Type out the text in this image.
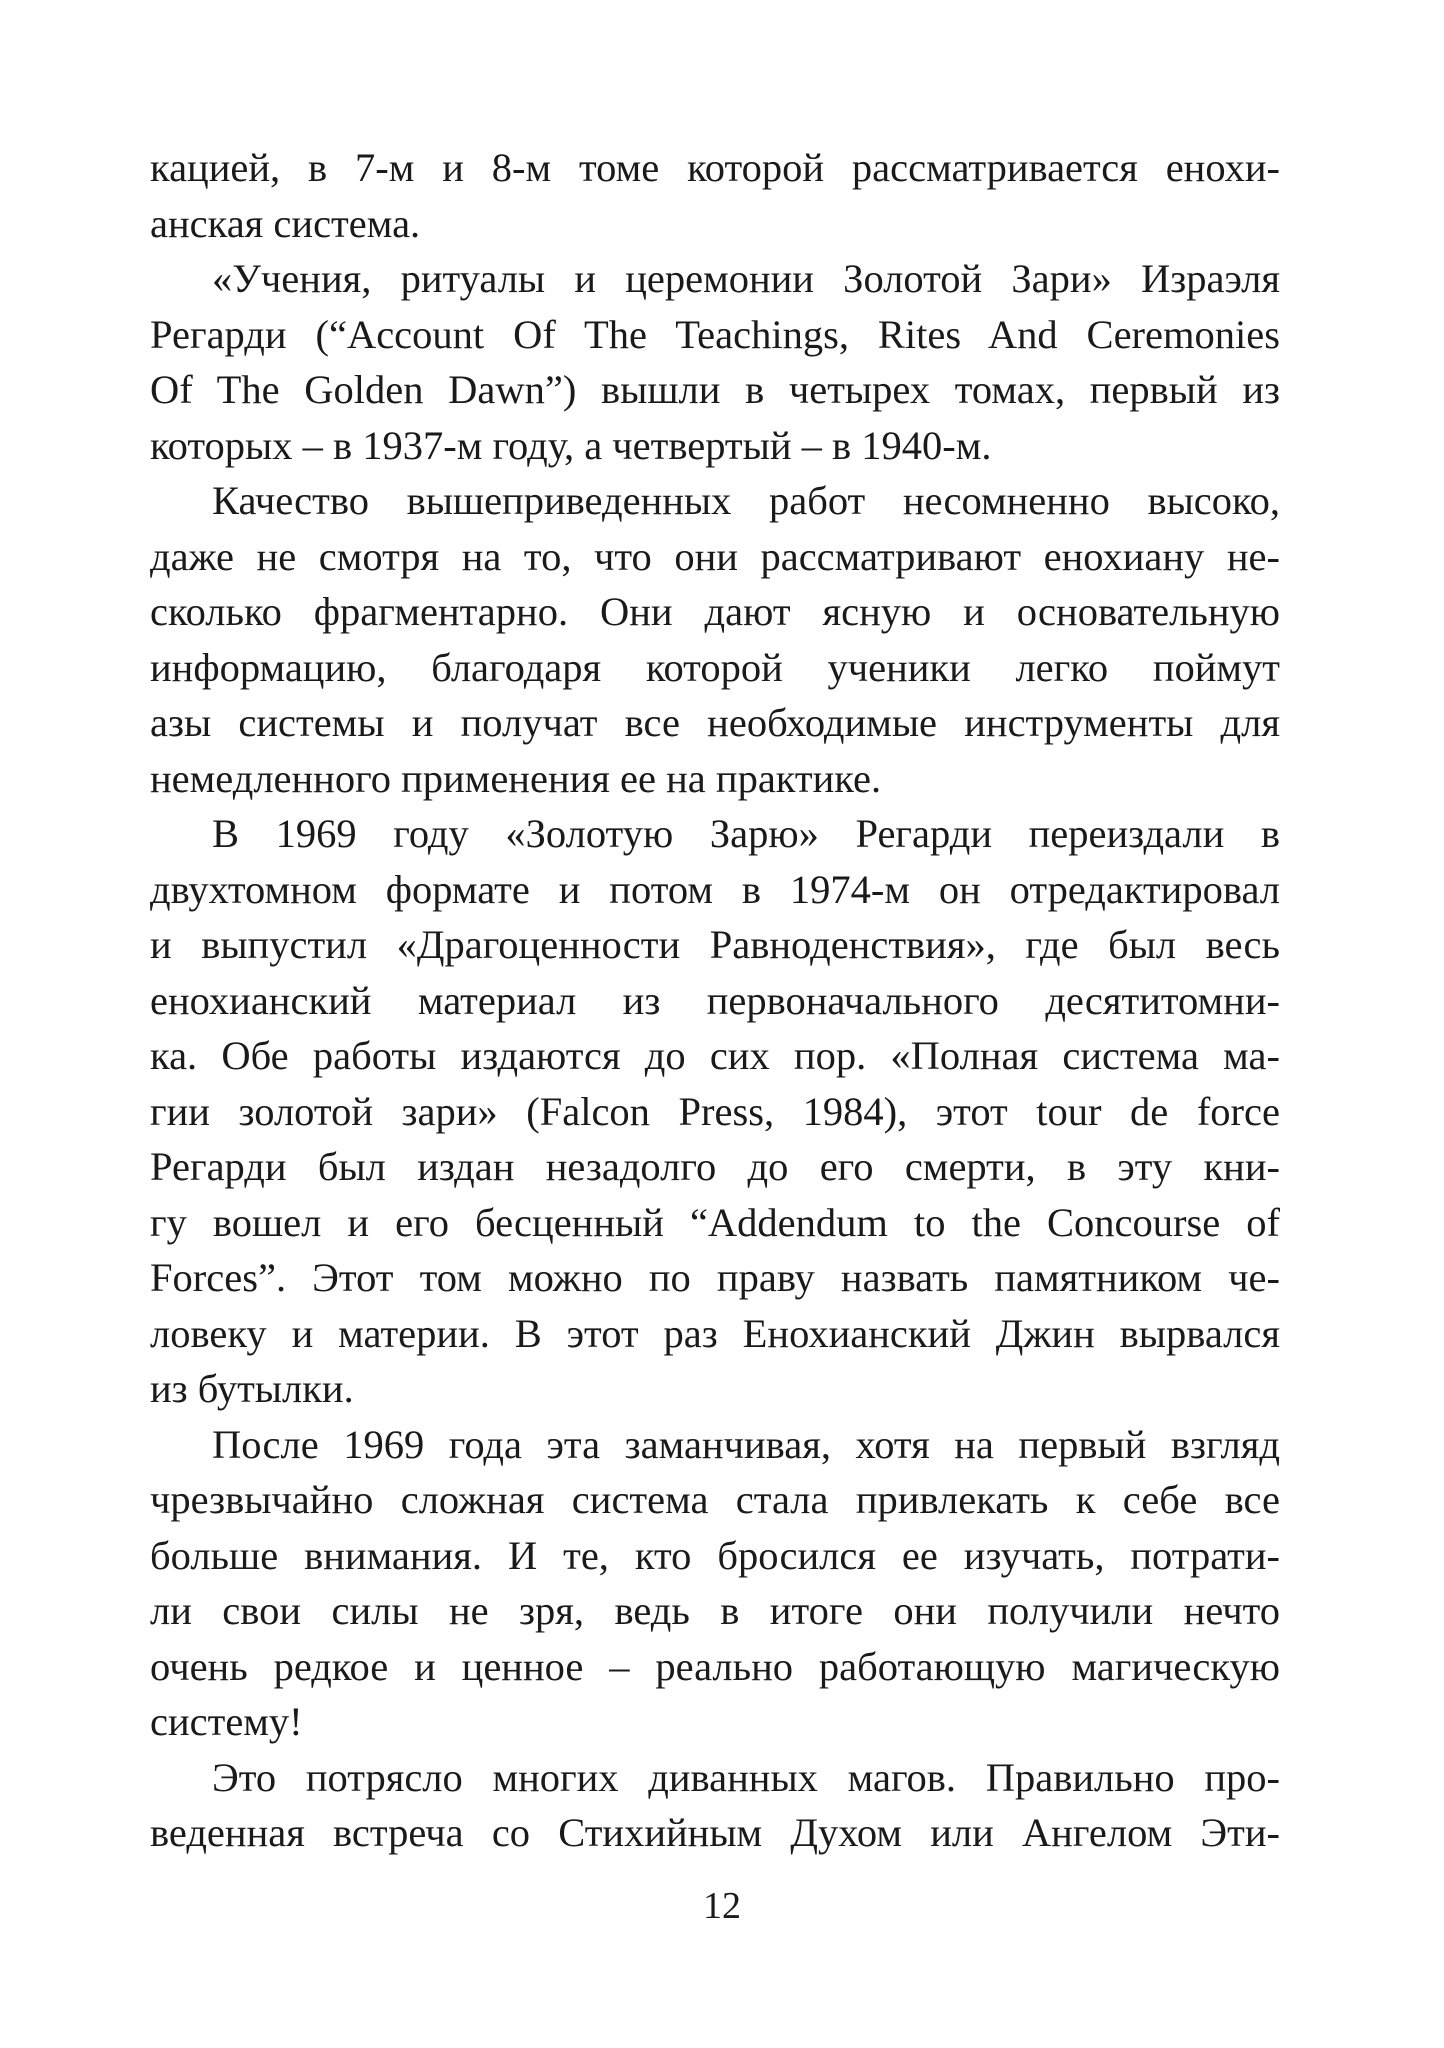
кацией, в 7-м и 8-м томе которой рассматривается енохи-
анская система.
«Учения, ритуалы и церемонии Золотой Зари» Израэля
Регарди (“Account Of The Teachings, Rites And Ceremonies
Of The Golden Dawn”) вышли в четырех томах, первый из
которых – в 1937-м году, а четвертый – в 1940-м.
Качество вышеприведенных работ несомненно высоко,
даже не смотря на то, что они рассматривают енохиану не-
сколько фрагментарно. Они дают ясную и основательную
информацию, благодаря которой ученики легко поймут
азы системы и получат все необходимые инструменты для
немедленного применения ее на практике.
В 1969 году «Золотую Зарю» Регарди переиздали в
двухтомном формате и потом в 1974-м он отредактировал
и выпустил «Драгоценности Равноденствия», где был весь
енохианский материал из первоначального десятитомни-
ка. Обе работы издаются до сих пор. «Полная система ма-
гии золотой зари» (Falcon Press, 1984), этот tour de force
Регарди был издан незадолго до его смерти, в эту кни-
гу вошел и его бесценный “Addendum to the Concourse of
Forces”. Этот том можно по праву назвать памятником че-
ловеку и материи. В этот раз Енохианский Джин вырвался
из бутылки.
После 1969 года эта заманчивая, хотя на первый взгляд
чрезвычайно сложная система стала привлекать к себе все
больше внимания. И те, кто бросился ее изучать, потрати-
ли свои силы не зря, ведь в итоге они получили нечто
очень редкое и ценное – реально работающую магическую
систему!
Это потрясло многих диванных магов. Правильно про-
веденная встреча со Стихийным Духом или Ангелом Эти-
12
